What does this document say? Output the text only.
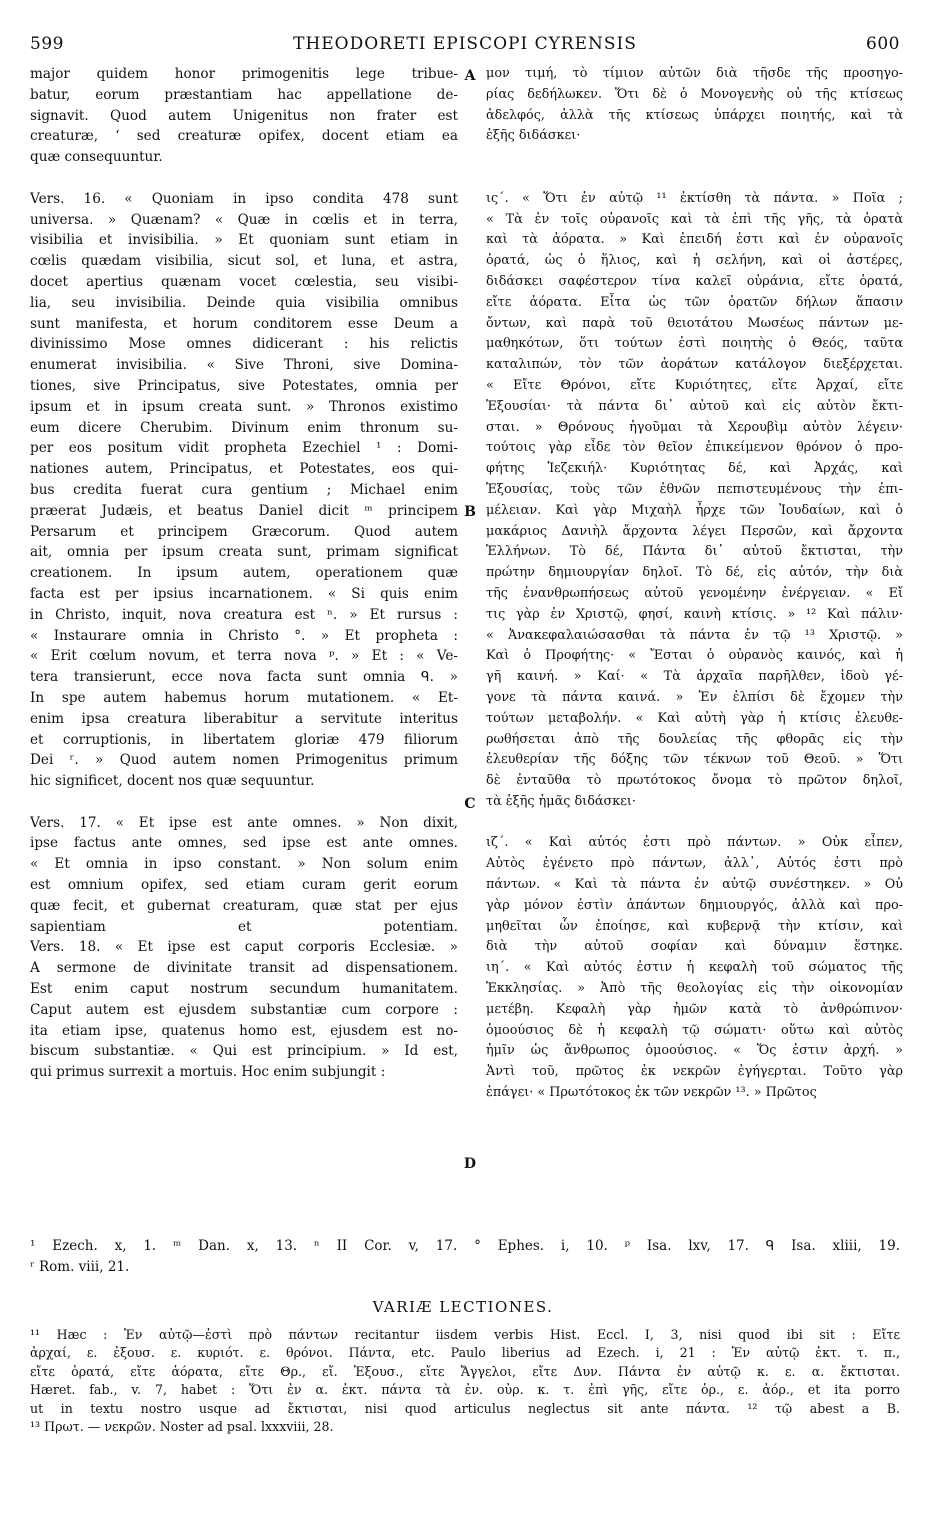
599	THEODORETI EPISCOPI CYRENSIS	600
A
B
C
D
major quidem honor primogenitis lege tribue-
batur, eorum præstantiam hac appellatione de-
signavit. Quod autem Unigenitus non frater est
creaturæ, ‘ sed creaturæ opifex, docent etiam ea
quæ consequuntur.

Vers. 16. « Quoniam in ipso condita 478 sunt
universa. » Quænam? « Quæ in cœlis et in terra,
visibilia et invisibilia. » Et quoniam sunt etiam in
cœlis quædam visibilia, sicut sol, et luna, et astra,
docet apertius quænam vocet cœlestia, seu visibi-
lia, seu invisibilia. Deinde quia visibilia omnibus
sunt manifesta, et horum conditorem esse Deum a
divinissimo Mose omnes didicerant : his relictis
enumerat invisibilia. « Sive Throni, sive Domina-
tiones, sive Principatus, sive Potestates, omnia per
ipsum et in ipsum creata sunt. » Thronos existimo
eum dicere Cherubim. Divinum enim thronum su-
per eos positum vidit propheta Ezechiel ¹ : Domi-
nationes autem, Principatus, et Potestates, eos qui-
bus credita fuerat cura gentium ; Michael enim
præerat Judæis, et beatus Daniel dicit ᵐ principem
Persarum et principem Græcorum. Quod autem
ait, omnia per ipsum creata sunt, primam significat
creationem. In ipsum autem, operationem quæ
facta est per ipsius incarnationem. « Si quis enim
in Christo, inquit, nova creatura est ⁿ. » Et rursus :
« Instaurare omnia in Christo °. » Et propheta :
« Erit cœlum novum, et terra nova ᵖ. » Et : « Ve-
tera transierunt, ecce nova facta sunt omnia ᑫ. »
In spe autem habemus horum mutationem. « Et-
enim ipsa creatura liberabitur a servitute interitus
et corruptionis, in libertatem gloriæ 479 filiorum
Dei ʳ. » Quod autem nomen Primogenitus primum
hic significet, docent nos quæ sequuntur.

Vers. 17. « Et ipse est ante omnes. » Non dixit,
ipse factus ante omnes, sed ipse est ante omnes.
« Et omnia in ipso constant. » Non solum enim
est omnium opifex, sed etiam curam gerit eorum
quæ fecit, et gubernat creaturam, quæ stat per ejus
sapientiam et potentiam.
Vers. 18. « Et ipse est caput corporis Ecclesiæ. »
A sermone de divinitate transit ad dispensationem.
Est enim caput nostrum secundum humanitatem.
Caput autem est ejusdem substantiæ cum corpore :
ita etiam ipse, quatenus homo est, ejusdem est no-
biscum substantiæ. « Qui est principium. » Id est,
qui primus surrexit a mortuis. Hoc enim subjungit :
μον τιμή, τὸ τίμιον αὐτῶν διὰ τῆσδε τῆς προσηγο-
ρίας δεδήλωκεν. Ὅτι δὲ ὁ Μονογενὴς οὐ τῆς κτίσεως
ἀδελφός, ἀλλὰ τῆς κτίσεως ὑπάρχει ποιητής, καὶ τὰ
ἑξῆς διδάσκει·

ις΄. « Ὅτι ἐν αὐτῷ ¹¹ ἐκτίσθη τὰ πάντα. » Ποῖα ;
« Τὰ ἐν τοῖς οὐρανοῖς καὶ τὰ ἐπὶ τῆς γῆς, τὰ ὁρατὰ
καὶ τὰ ἀόρατα. » Καὶ ἐπειδή ἐστι καὶ ἐν οὐρανοῖς
ὁρατά, ὡς ὁ ἥλιος, καὶ ἡ σελήνη, καὶ οἱ ἀστέρες,
διδάσκει σαφέστερον τίνα καλεῖ οὐράνια, εἴτε ὁρατά,
εἴτε ἀόρατα. Εἶτα ὡς τῶν ὁρατῶν δήλων ἅπασιν
ὄντων, καὶ παρὰ τοῦ θειοτάτου Μωσέως πάντων με-
μαθηκότων, ὅτι τούτων ἐστὶ ποιητὴς ὁ Θεός, ταῦτα
καταλιπών, τὸν τῶν ἀοράτων κατάλογον διεξέρχεται.
« Εἴτε Θρόνοι, εἴτε Κυριότητες, εἴτε Ἀρχαί, εἴτε
Ἐξουσίαι· τὰ πάντα δι᾿ αὐτοῦ καὶ εἰς αὐτὸν ἔκτι-
σται. » Θρόνους ἡγοῦμαι τὰ Χερουβὶμ αὐτὸν λέγειν·
τούτοις γὰρ εἶδε τὸν θεῖον ἐπικείμενον θρόνον ὁ προ-
φήτης Ἰεζεκιήλ· Κυριότητας δέ, καὶ Ἀρχάς, καὶ
Ἐξουσίας, τοὺς τῶν ἐθνῶν πεπιστευμένους τὴν ἐπι-
μέλειαν. Καὶ γὰρ Μιχαὴλ ἦρχε τῶν Ἰουδαίων, καὶ ὁ
μακάριος Δανιὴλ ἄρχοντα λέγει Περσῶν, καὶ ἄρχοντα
Ἑλλήνων. Τὸ δέ, Πάντα δι᾿ αὐτοῦ ἔκτισται, τὴν
πρώτην δημιουργίαν δηλοῖ. Τὸ δέ, εἰς αὐτόν, τὴν διὰ
τῆς ἐνανθρωπήσεως αὐτοῦ γενομένην ἐνέργειαν. « Εἴ
τις γὰρ ἐν Χριστῷ, φησί, καινὴ κτίσις. » ¹² Καὶ πάλιν·
« Ἀνακεφαλαιώσασθαι τὰ πάντα ἐν τῷ ¹³ Χριστῷ. »
Καὶ ὁ Προφήτης· « Ἔσται ὁ οὐρανὸς καινός, καὶ ἡ
γῆ καινή. » Καί· « Τὰ ἀρχαῖα παρῆλθεν, ἰδοὺ γέ-
γονε τὰ πάντα καινά. » Ἐν ἐλπίσι δὲ ἔχομεν τὴν
τούτων μεταβολήν. « Καὶ αὐτὴ γὰρ ἡ κτίσις ἐλευθε-
ρωθήσεται ἀπὸ τῆς δουλείας τῆς φθορᾶς εἰς τὴν
ἐλευθερίαν τῆς δόξης τῶν τέκνων τοῦ Θεοῦ. » Ὅτι
δὲ ἐνταῦθα τὸ πρωτότοκος ὄνομα τὸ πρῶτον δηλοῖ,
τὰ ἑξῆς ἡμᾶς διδάσκει·

ιζ΄. « Καὶ αὐτός ἐστι πρὸ πάντων. » Οὐκ εἶπεν,
Αὐτὸς ἐγένετο πρὸ πάντων, ἀλλ᾿, Αὐτός ἐστι πρὸ
πάντων. « Καὶ τὰ πάντα ἐν αὐτῷ συνέστηκεν. » Οὐ
γὰρ μόνον ἐστὶν ἁπάντων δημιουργός, ἀλλὰ καὶ προ-
μηθεῖται ὧν ἐποίησε, καὶ κυβερνᾷ τὴν κτίσιν, καὶ
διὰ τὴν αὐτοῦ σοφίαν καὶ δύναμιν ἕστηκε.
ιη΄. « Καὶ αὐτός ἐστιν ἡ κεφαλὴ τοῦ σώματος τῆς
Ἐκκλησίας. » Ἀπὸ τῆς θεολογίας εἰς τὴν οἰκονομίαν
μετέβη. Κεφαλὴ γὰρ ἡμῶν κατὰ τὸ ἀνθρώπινον·
ὁμοούσιος δὲ ἡ κεφαλὴ τῷ σώματι· οὕτω καὶ αὐτὸς
ἡμῖν ὡς ἄνθρωπος ὁμοούσιος. « Ὅς ἐστιν ἀρχή. »
Ἀντὶ τοῦ, πρῶτος ἐκ νεκρῶν ἐγήγερται. Τοῦτο γὰρ
ἐπάγει· « Πρωτότοκος ἐκ τῶν νεκρῶν ¹³. » Πρῶτος
¹ Ezech. x, 1. ᵐ Dan. x, 13. ⁿ II Cor. v, 17. ° Ephes. i, 10. ᵖ Isa. lxv, 17. ᑫ Isa. xliii, 19.
ʳ Rom. viii, 21.
VARIÆ LECTIONES.
¹¹ Hæc : Ἐν αὐτῷ—ἐστὶ πρὸ πάντων recitantur iisdem verbis Hist. Eccl. I, 3, nisi quod ibi sit : Εἴτε
ἀρχαί, ε. ἐξουσ. ε. κυριότ. ε. θρόνοι. Πάντα, etc. Paulo liberius ad Ezech. i, 21 : Ἐν αὐτῷ ἐκτ. τ. π.,
εἴτε ὁρατά, εἴτε ἀόρατα, εἴτε Θρ., εἴ. Ἐξουσ., εἴτε Ἄγγελοι, εἴτε Δυν. Πάντα ἐν αὐτῷ κ. ε. α. ἔκτισται.
Hæret. fab., v. 7, habet : Ὅτι ἐν α. ἐκτ. πάντα τὰ ἐν. οὐρ. κ. τ. ἐπὶ γῆς, εἴτε ὁρ., ε. ἀόρ., et ita porro
ut in textu nostro usque ad ἔκτισται, nisi quod articulus neglectus sit ante πάντα. ¹² τῷ abest a B.
¹³ Πρωτ. — νεκρῶν. Noster ad psal. lxxxviii, 28.
